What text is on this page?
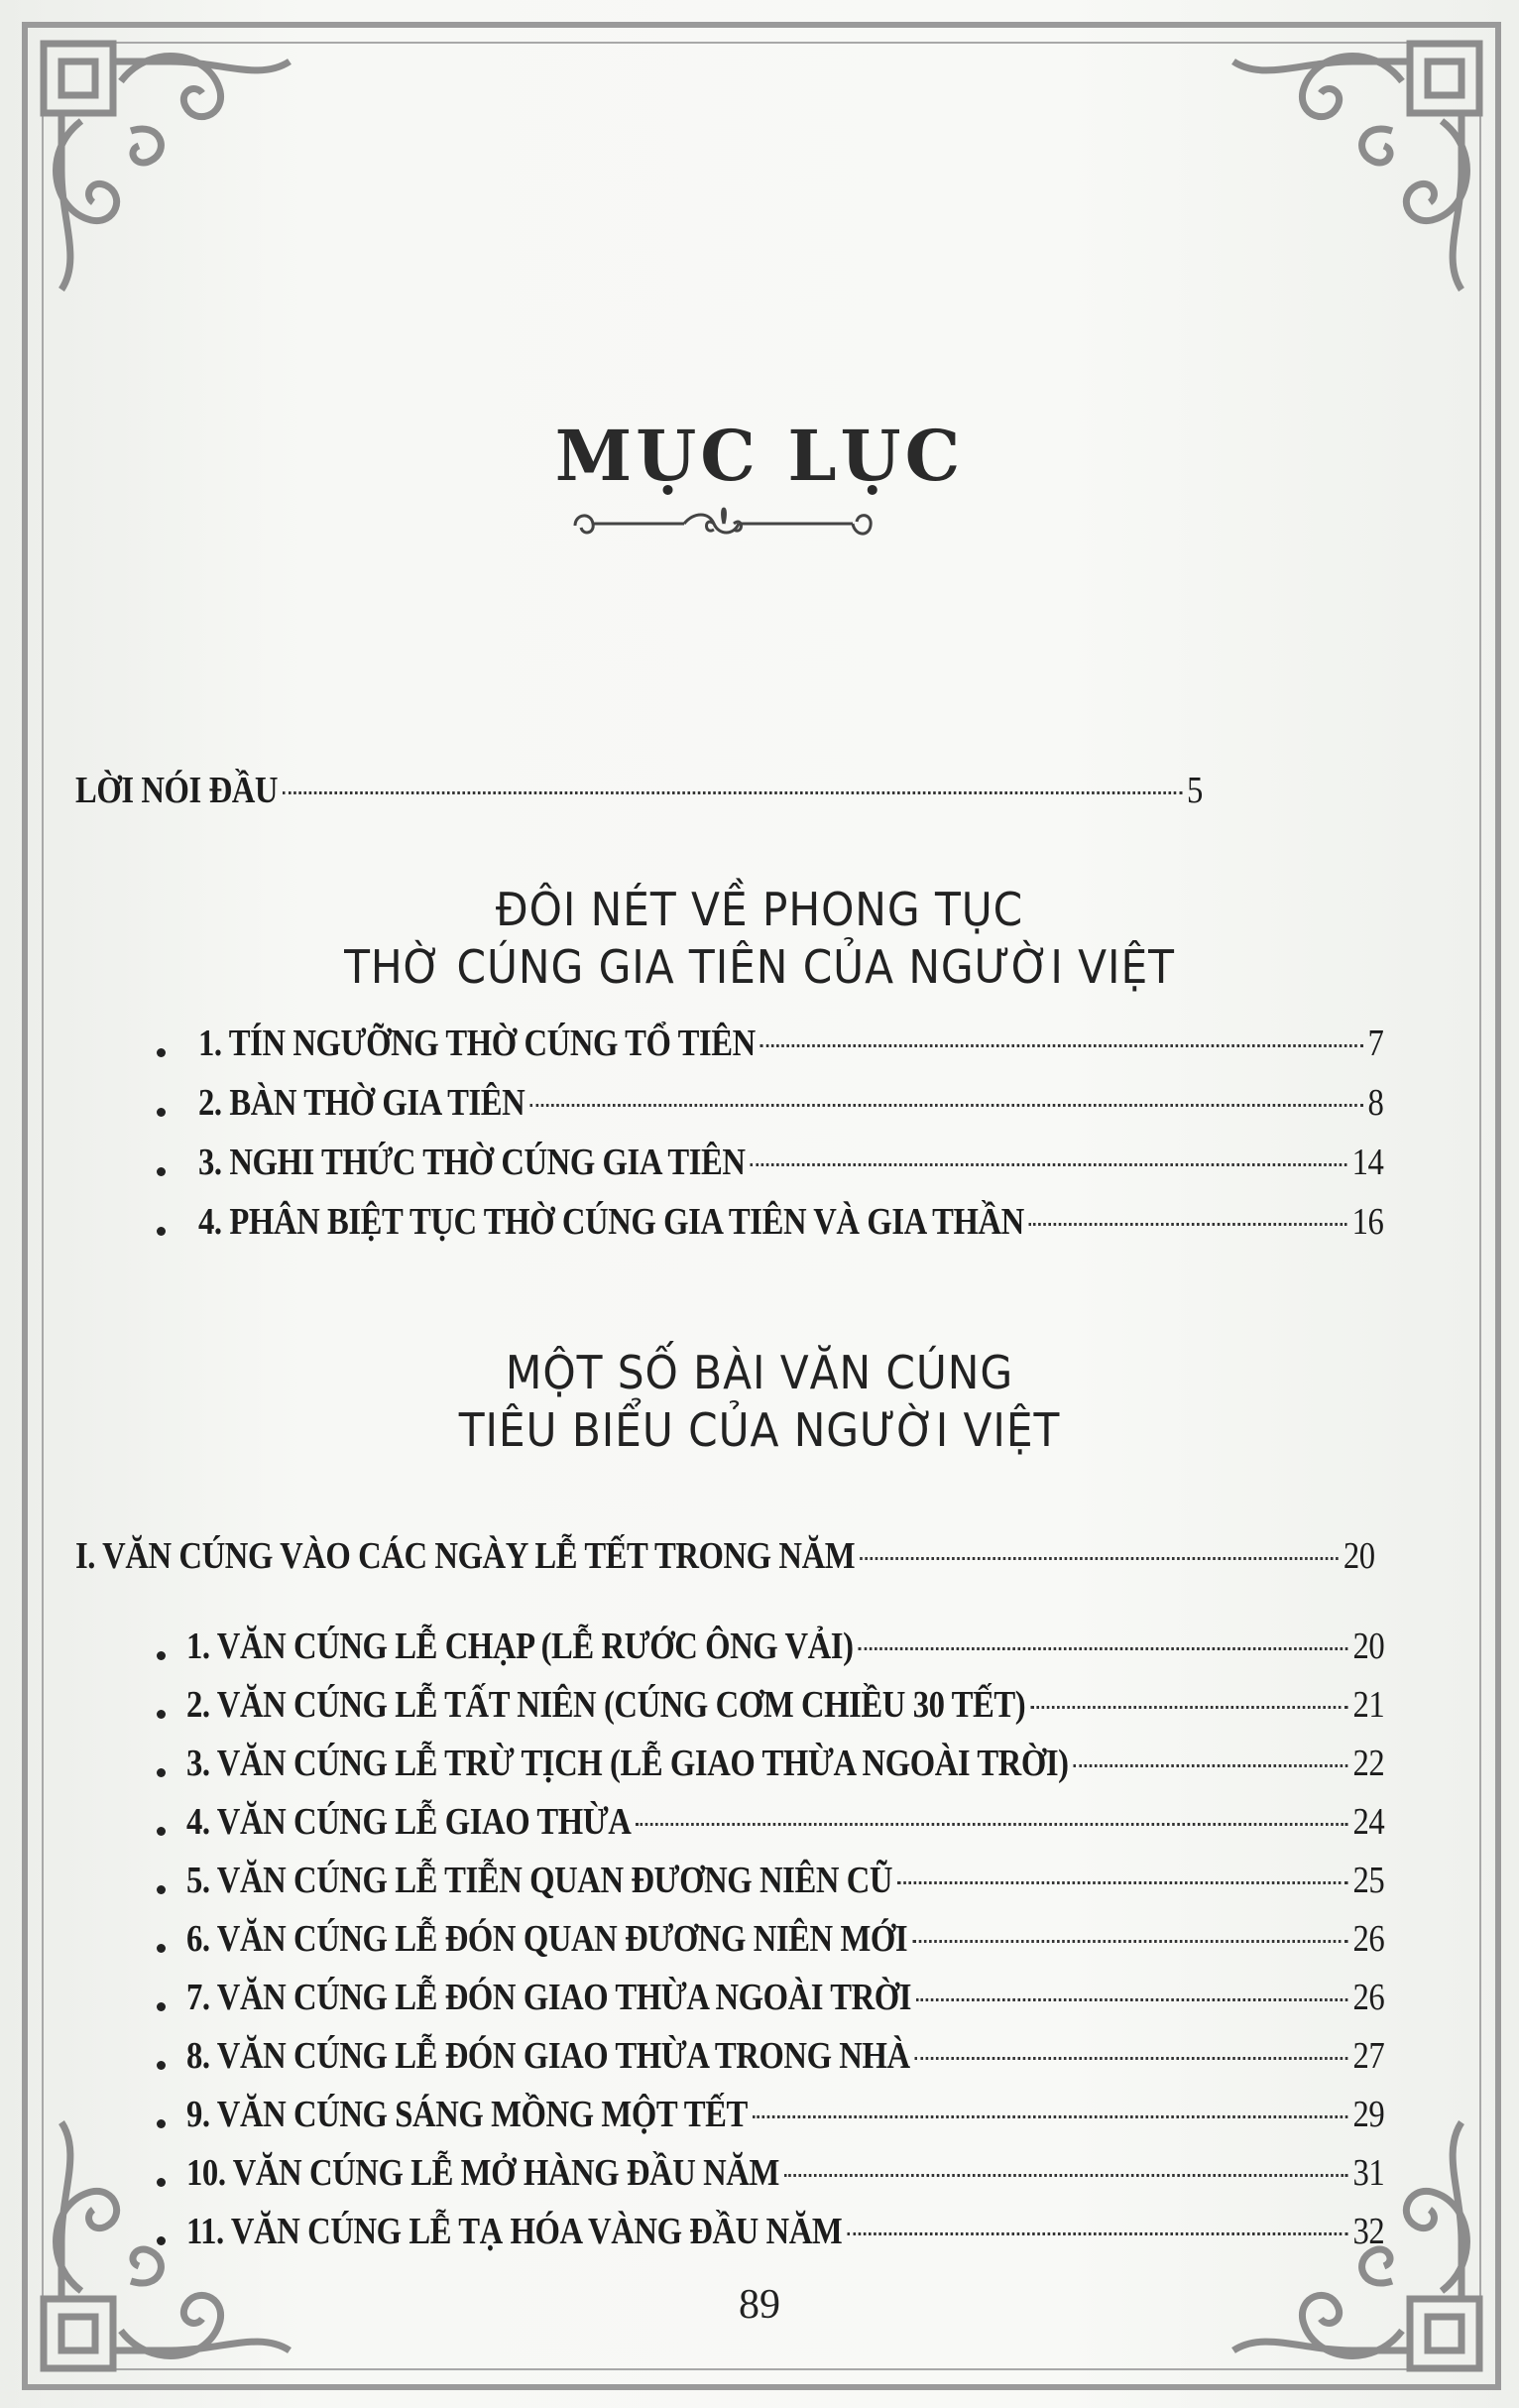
MỤC LỤC
LỜI NÓI ĐẦU	5
ĐÔI NÉT VỀ PHONG TỤC
THỜ CÚNG GIA TIÊN CỦA NGƯỜI VIỆT
1. TÍN NGƯỠNG THỜ CÚNG TỔ TIÊN	7
2. BÀN THỜ GIA TIÊN	8
3. NGHI THỨC THỜ CÚNG GIA TIÊN	14
4. PHÂN BIỆT TỤC THỜ CÚNG GIA TIÊN VÀ GIA THẦN	16
MỘT SỐ BÀI VĂN CÚNG
TIÊU BIỂU CỦA NGƯỜI VIỆT
I. VĂN CÚNG VÀO CÁC NGÀY LỄ TẾT TRONG NĂM	20
1. VĂN CÚNG LỄ CHẠP (LỄ RƯỚC ÔNG VẢI)	20
2. VĂN CÚNG LỄ TẤT NIÊN (CÚNG CƠM CHIỀU 30 TẾT)	21
3. VĂN CÚNG LỄ TRỪ TỊCH (LỄ GIAO THỪA NGOÀI TRỜI)	22
4. VĂN CÚNG LỄ GIAO THỪA	24
5. VĂN CÚNG LỄ TIỄN QUAN ĐƯƠNG NIÊN CŨ	25
6. VĂN CÚNG LỄ ĐÓN QUAN ĐƯƠNG NIÊN MỚI	26
7. VĂN CÚNG LỄ ĐÓN GIAO THỪA NGOÀI TRỜI	26
8. VĂN CÚNG LỄ ĐÓN GIAO THỪA TRONG NHÀ	27
9. VĂN CÚNG SÁNG MỒNG MỘT TẾT	29
10. VĂN CÚNG LỄ MỞ HÀNG ĐẦU NĂM	31
11. VĂN CÚNG LỄ TẠ HÓA VÀNG ĐẦU NĂM	32
89
